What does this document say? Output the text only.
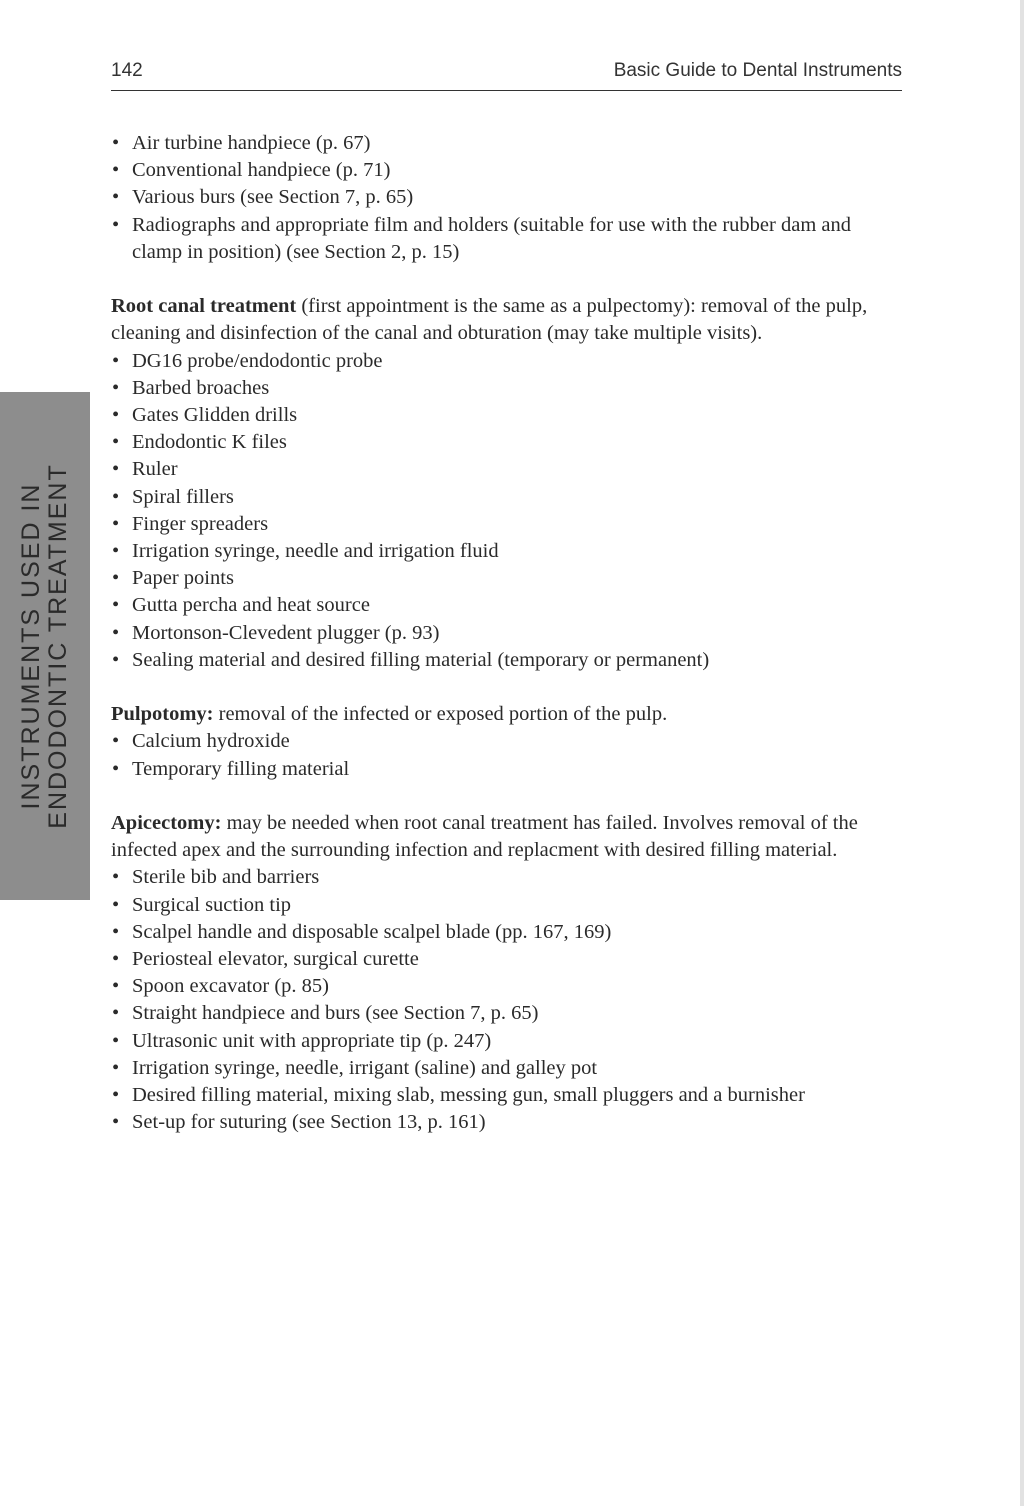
142	Basic Guide to Dental Instruments
INSTRUMENTS USED IN ENDODONTIC TREATMENT
• Air turbine handpiece (p. 67)
• Conventional handpiece (p. 71)
• Various burs (see Section 7, p. 65)
• Radiographs and appropriate film and holders (suitable for use with the rubber dam and clamp in position) (see Section 2, p. 15)

Root canal treatment (first appointment is the same as a pulpectomy): removal of the pulp, cleaning and disinfection of the canal and obturation (may take multiple visits).

• DG16 probe/endodontic probe
• Barbed broaches
• Gates Glidden drills
• Endodontic K files
• Ruler
• Spiral fillers
• Finger spreaders
• Irrigation syringe, needle and irrigation fluid
• Paper points
• Gutta percha and heat source
• Mortonson-Clevedent plugger (p. 93)
• Sealing material and desired filling material (temporary or permanent)

Pulpotomy: removal of the infected or exposed portion of the pulp.

• Calcium hydroxide
• Temporary filling material

Apicectomy: may be needed when root canal treatment has failed. Involves removal of the infected apex and the surrounding infection and replacment with desired filling material.

• Sterile bib and barriers
• Surgical suction tip
• Scalpel handle and disposable scalpel blade (pp. 167, 169)
• Periosteal elevator, surgical curette
• Spoon excavator (p. 85)
• Straight handpiece and burs (see Section 7, p. 65)
• Ultrasonic unit with appropriate tip (p. 247)
• Irrigation syringe, needle, irrigant (saline) and galley pot
• Desired filling material, mixing slab, messing gun, small pluggers and a burnisher
• Set-up for suturing (see Section 13, p. 161)
